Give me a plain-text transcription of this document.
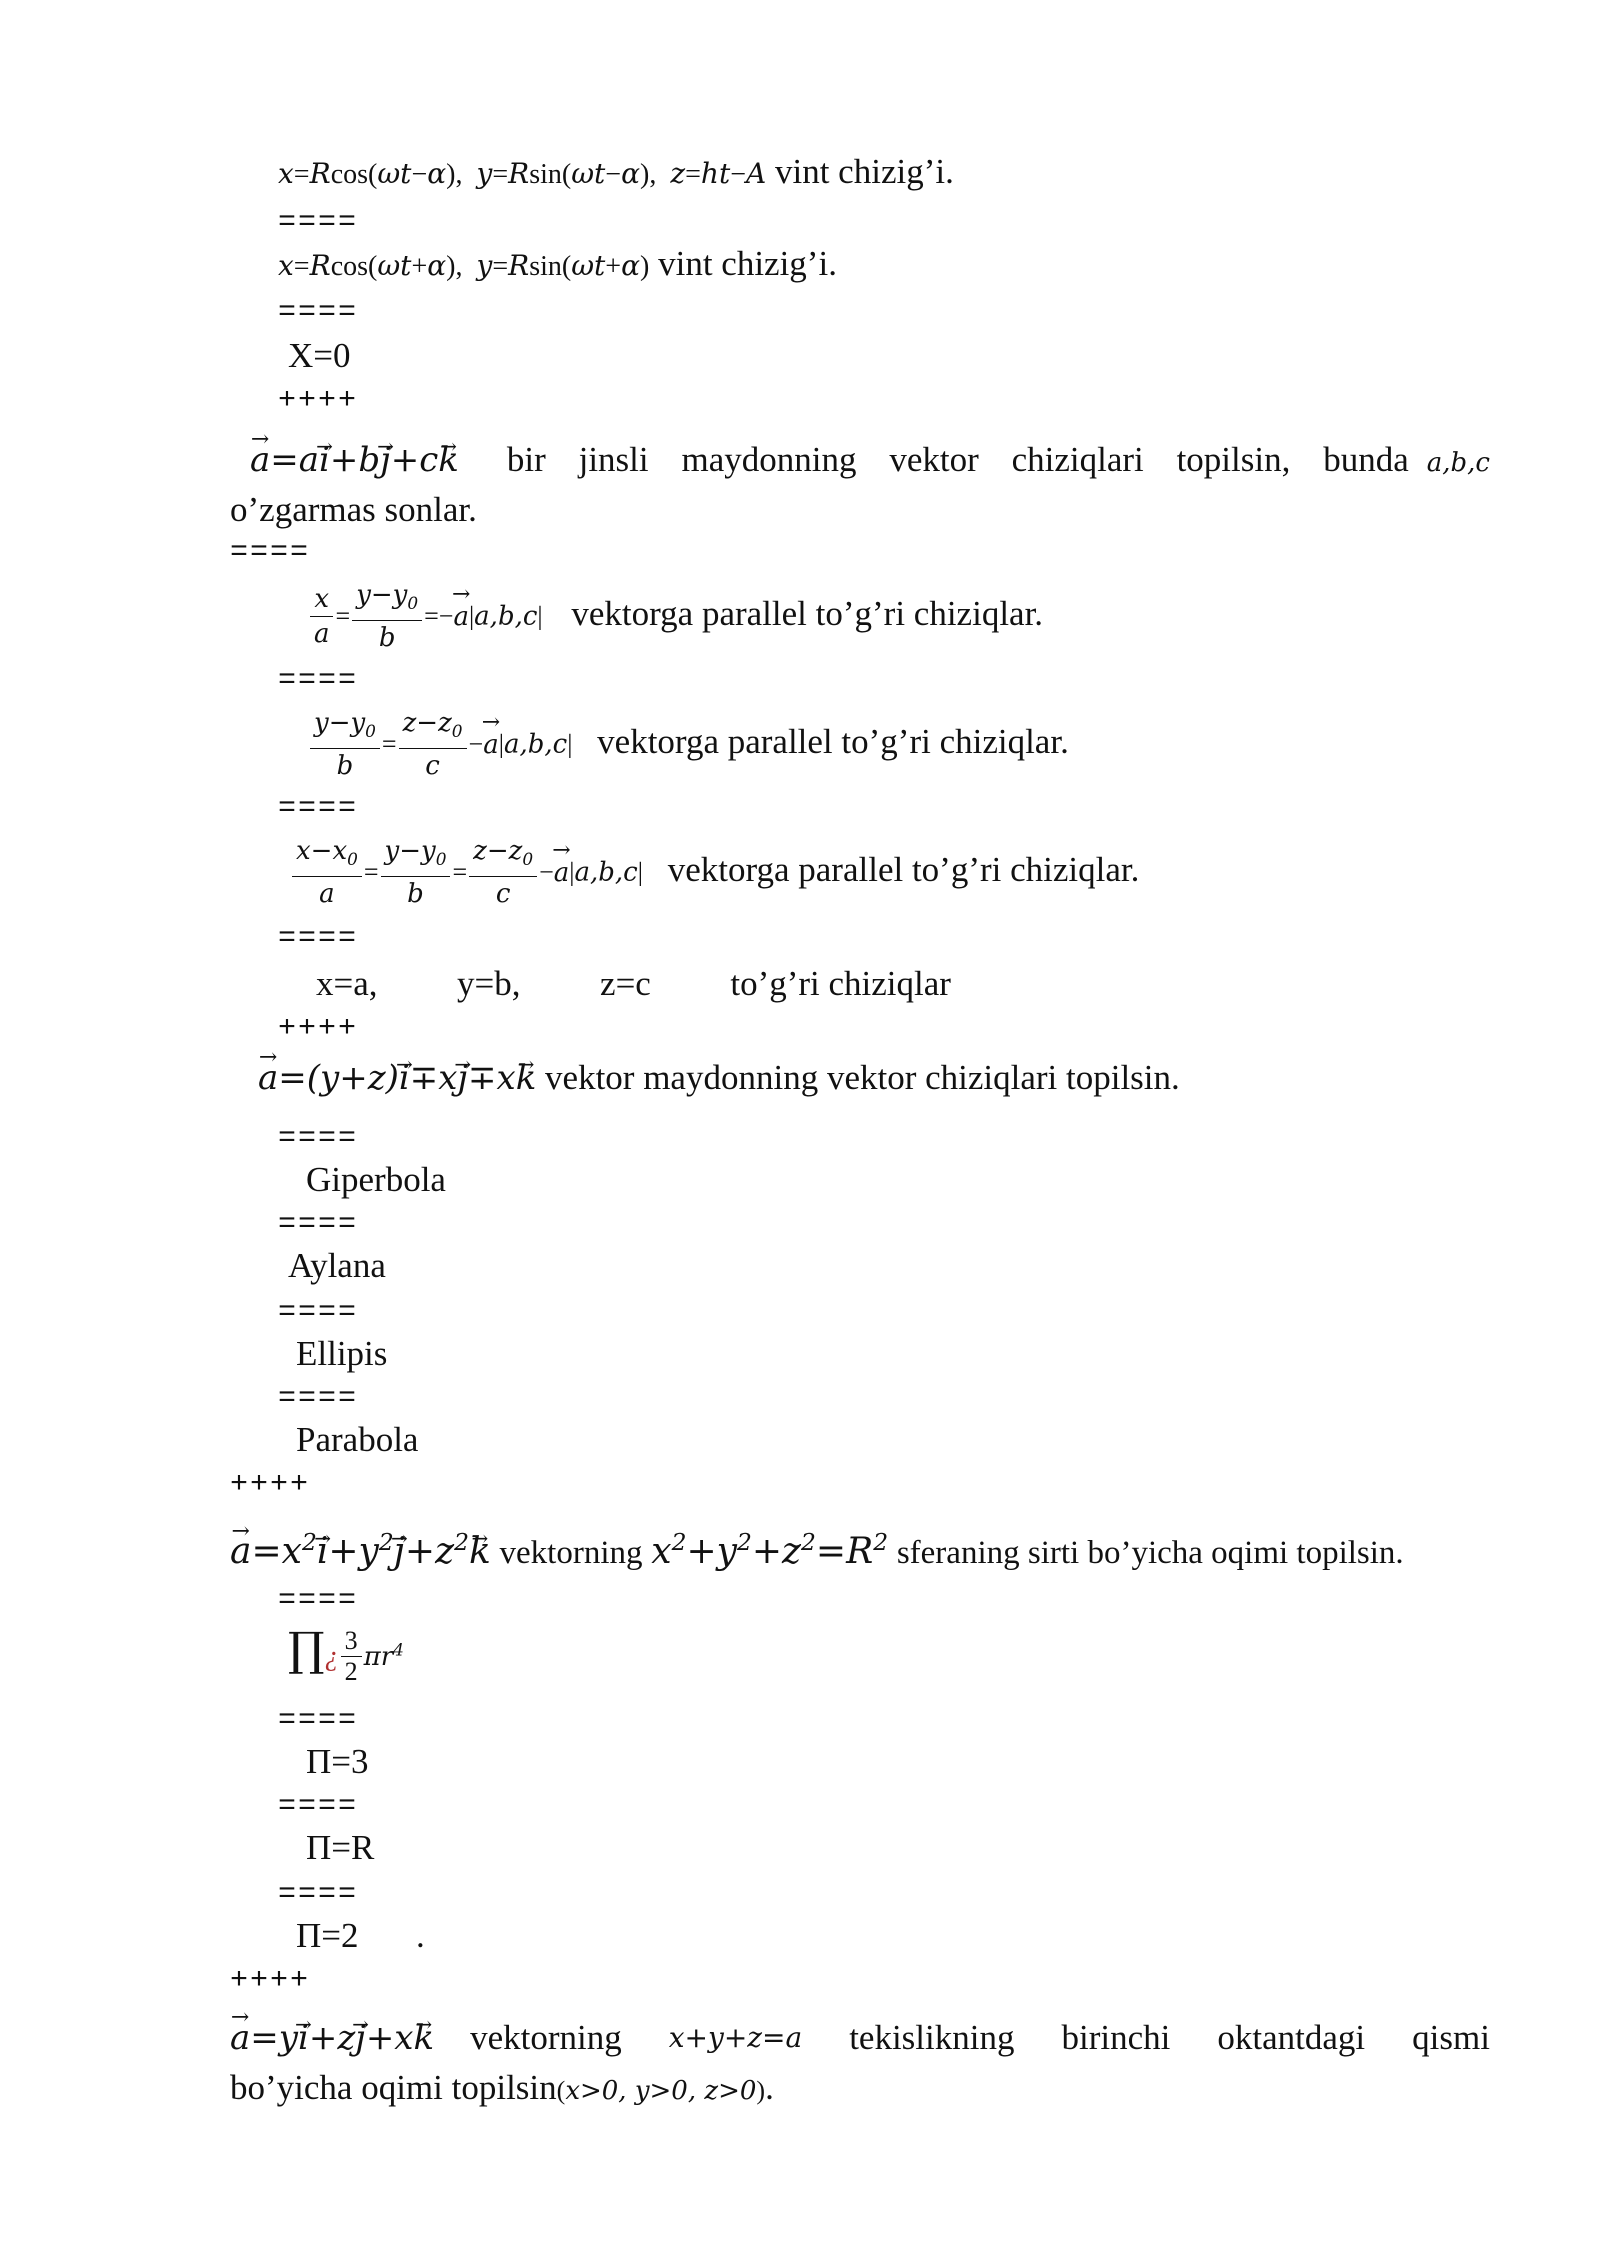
x=Rcos(ωt−α),  y=Rsin(ωt−α),  z=ht−A vint chizig’i.
====
x=Rcos(ωt+α),  y=Rsin(ωt+α) vint chizig’i.
====
X=0
++++
→ a=a→ i+b→ j+c→ k bir jinsli maydonning vektor chiziqlari topilsin, bunda a,b,c
o’zgarmas sonlar.
====
$\frac{x}{a} = \frac{y-y_0}{b}$ =−→ a|a,b,c| vektorga parallel to’g’ri chiziqlar.
====
$\frac{y-y_0}{b} = \frac{z-z_0}{c} -\to a|a,b,c|$ vektorga parallel to’g’ri chiziqlar.
====
$\frac{x-x_0}{a} = \frac{y-y_0}{b} = \frac{z-z_0}{c} -\to a|a,b,c|$ vektorga parallel to’g’ri chiziqlar.
====
x=a, y=b, z=c to’g’ri chiziqlar
++++
→ a=(y+z)→ i∓x→ j∓x→ k vektor maydonning vektor chiziqlari topilsin.
====
Giperbola
====
Aylana
====
Ellipis
====
Parabola
++++
→ $a=x^2\to i+y^2\to j+z^2\to k$ vektorning $x^2+y^2+z^2=R^2$ sferaning sirti bo’yicha oqimi topilsin.
====
∏¿ $\frac{3}{2} \pi r^4$
====
Π=3
====
Π=R
====
Π=2 .
++++
→ a=y→ i+z→ j+x→ k vektorning x+y+z=a tekislikning birinchi oktantdagi qismi
bo’yicha oqimi topilsin(x>0, y>0, z>0).
